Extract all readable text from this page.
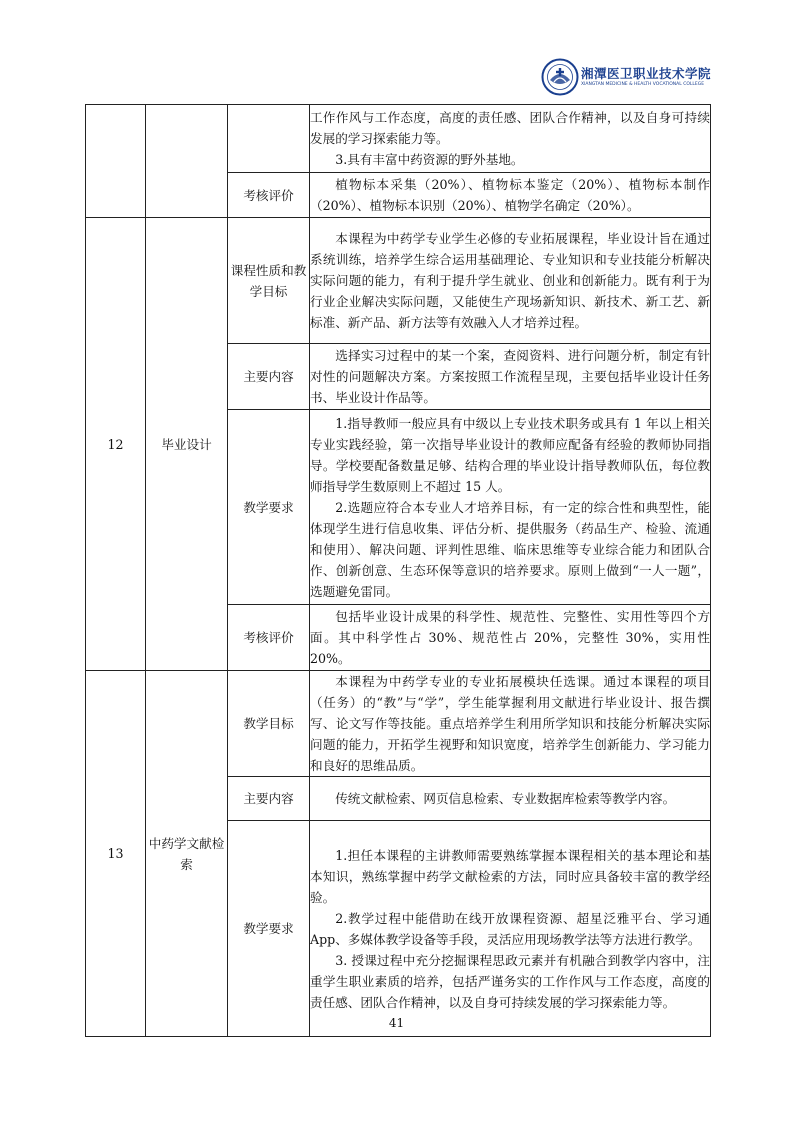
湘潭医卫职业技术学院
XIANGTAN MEDICINE & HEALTH VOCATIONAL COLLEGE

			工作作风与工作态度，高度的责任感、团队合作精神，以及自身可持续发展的学习探索能力等。

3.具有丰富中药资源的野外基地。

		考核评价	植物标本采集（20%）、植物标本鉴定（20%）、植物标本制作（20%）、植物标本识别（20%）、植物学名确定（20%）。

12	毕业设计	课程性质和教学目标	本课程为中药学专业学生必修的专业拓展课程，毕业设计旨在通过系统训练，培养学生综合运用基础理论、专业知识和专业技能分析解决实际问题的能力，有利于提升学生就业、创业和创新能力。既有利于为行业企业解决实际问题，又能使生产现场新知识、新技术、新工艺、新标准、新产品、新方法等有效融入人才培养过程。

		主要内容	选择实习过程中的某一个案，查阅资料、进行问题分析，制定有针对性的问题解决方案。方案按照工作流程呈现，主要包括毕业设计任务书、毕业设计作品等。

		教学要求	1.指导教师一般应具有中级以上专业技术职务或具有 1 年以上相关专业实践经验，第一次指导毕业设计的教师应配备有经验的教师协同指导。学校要配备数量足够、结构合理的毕业设计指导教师队伍，每位教师指导学生数原则上不超过 15 人。

2.选题应符合本专业人才培养目标，有一定的综合性和典型性，能体现学生进行信息收集、评估分析、提供服务（药品生产、检验、流通和使用）、解决问题、评判性思维、临床思维等专业综合能力和团队合作、创新创意、生态环保等意识的培养要求。原则上做到“一人一题”，选题避免雷同。

		考核评价	包括毕业设计成果的科学性、规范性、完整性、实用性等四个方面。其中科学性占 30%、规范性占 20%，完整性 30%，实用性 20%。

13	中药学文献检索	教学目标	本课程为中药学专业的专业拓展模块任选课。通过本课程的项目（任务）的“教”与“学”，学生能掌握利用文献进行毕业设计、报告撰写、论文写作等技能。重点培养学生利用所学知识和技能分析解决实际问题的能力，开拓学生视野和知识宽度，培养学生创新能力、学习能力和良好的思维品质。

		主要内容	传统文献检索、网页信息检索、专业数据库检索等教学内容。

		教学要求	1.担任本课程的主讲教师需要熟练掌握本课程相关的基本理论和基本知识，熟练掌握中药学文献检索的方法，同时应具备较丰富的教学经验。

2.教学过程中能借助在线开放课程资源、超星泛雅平台、学习通 App、多媒体教学设备等手段，灵活应用现场教学法等方法进行教学。

3. 授课过程中充分挖掘课程思政元素并有机融合到教学内容中，注重学生职业素质的培养，包括严谨务实的工作作风与工作态度，高度的责任感、团队合作精神，以及自身可持续发展的学习探索能力等。

41
